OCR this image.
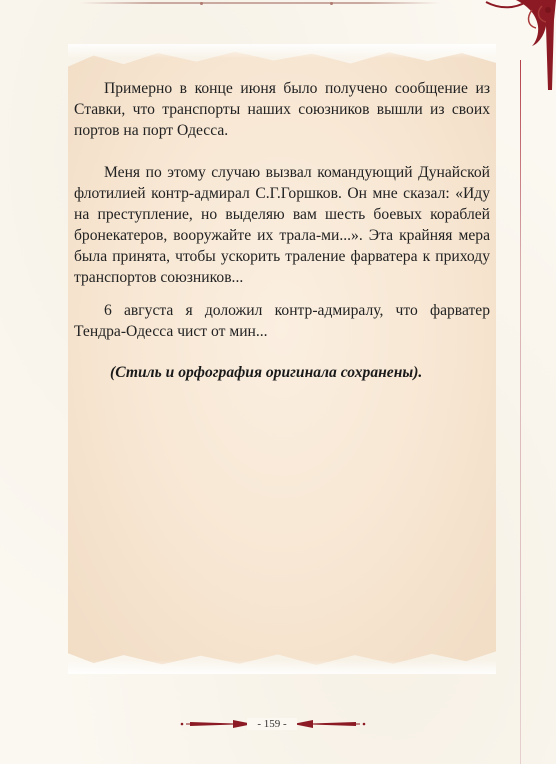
Примерно в конце июня было получено сообщение из Ставки, что транспорты наших союзников вышли из своих портов на порт Одесса.

Меня по этому случаю вызвал командующий Дунайской флотилией контр-адмирал С.Г.Горшков. Он мне сказал: «Иду на преступление, но выделяю вам шесть боевых кораблей бронекатеров, вооружайте их трала-ми...». Эта крайняя мера была принята, чтобы ускорить траление фарватера к приходу транспортов союзников...

6 августа я доложил контр-адмиралу, что фарватер Тендра-Одесса чист от мин...

(Стиль и орфография оригинала сохранены).
- 159 -
